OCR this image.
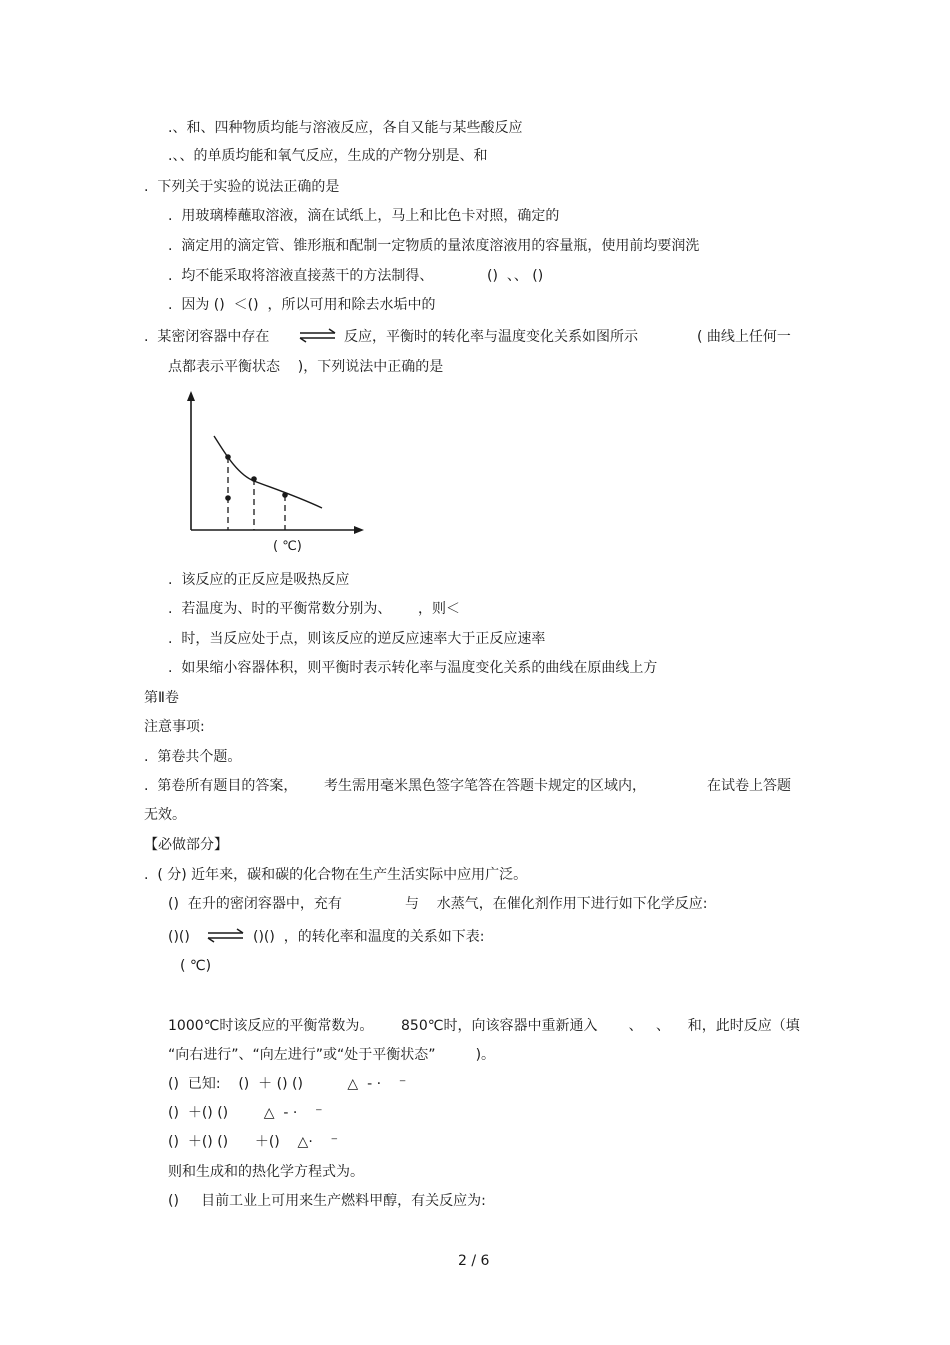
.、和、四种物质均能与溶液反应，各自又能与某些酸反应
.、、的单质均能和氧气反应，生成的产物分别是、和
.  下列关于实验的说法正确的是
.  用玻璃棒蘸取溶液，滴在试纸上，马上和比色卡对照，确定的
.  滴定用的滴定管、锥形瓶和配制一定物质的量浓度溶液用的容量瓶，使用前均要润洗
.  均不能采取将溶液直接蒸干的方法制得、	()  、、 ()
.  因为 ()  ＜()  ，所以可用和除去水垢中的
.  某密闭容器中存在 ⇌ 反应，平衡时的转化率与温度变化关系如图所示	( 曲线上任何一
点都表示平衡状态    )，下列说法中正确的是
( ℃)
.  该反应的正反应是吸热反应
.  若温度为、时的平衡常数分别为、      ，则＜
.  时，当反应处于点，则该反应的逆反应速率大于正反应速率
.  如果缩小容器体积，则平衡时表示转化率与温度变化关系的曲线在原曲线上方
第Ⅱ卷
注意事项:
.  第卷共个题。
.  第卷所有题目的答案， 考生需用毫米黑色签字笔答在答题卡规定的区域内，	在试卷上答题
无效。
【必做部分】
.  ( 分) 近年来，碳和碳的化合物在生产生活实际中应用广泛。
()  在升的密闭容器中，充有	与    水蒸气，在催化剂作用下进行如下化学反应:
()() ⇌ ()()  ，的转化率和温度的关系如下表:
( ℃)
1000℃时该反应的平衡常数为。 850℃时，向该容器中重新通入       、   、    和，此时反应（填
“向右进行”、“向左进行”或“处于平衡状态”         )。
()  已知:    ()  ＋ () ()          △  - ·    ⁻
()  ＋() ()        △  - ·    ⁻
()  ＋() ()      ＋()    △·    ⁻
则和生成和的热化学方程式为。
()     目前工业上可用来生产燃料甲醇，有关反应为:
2 / 6
